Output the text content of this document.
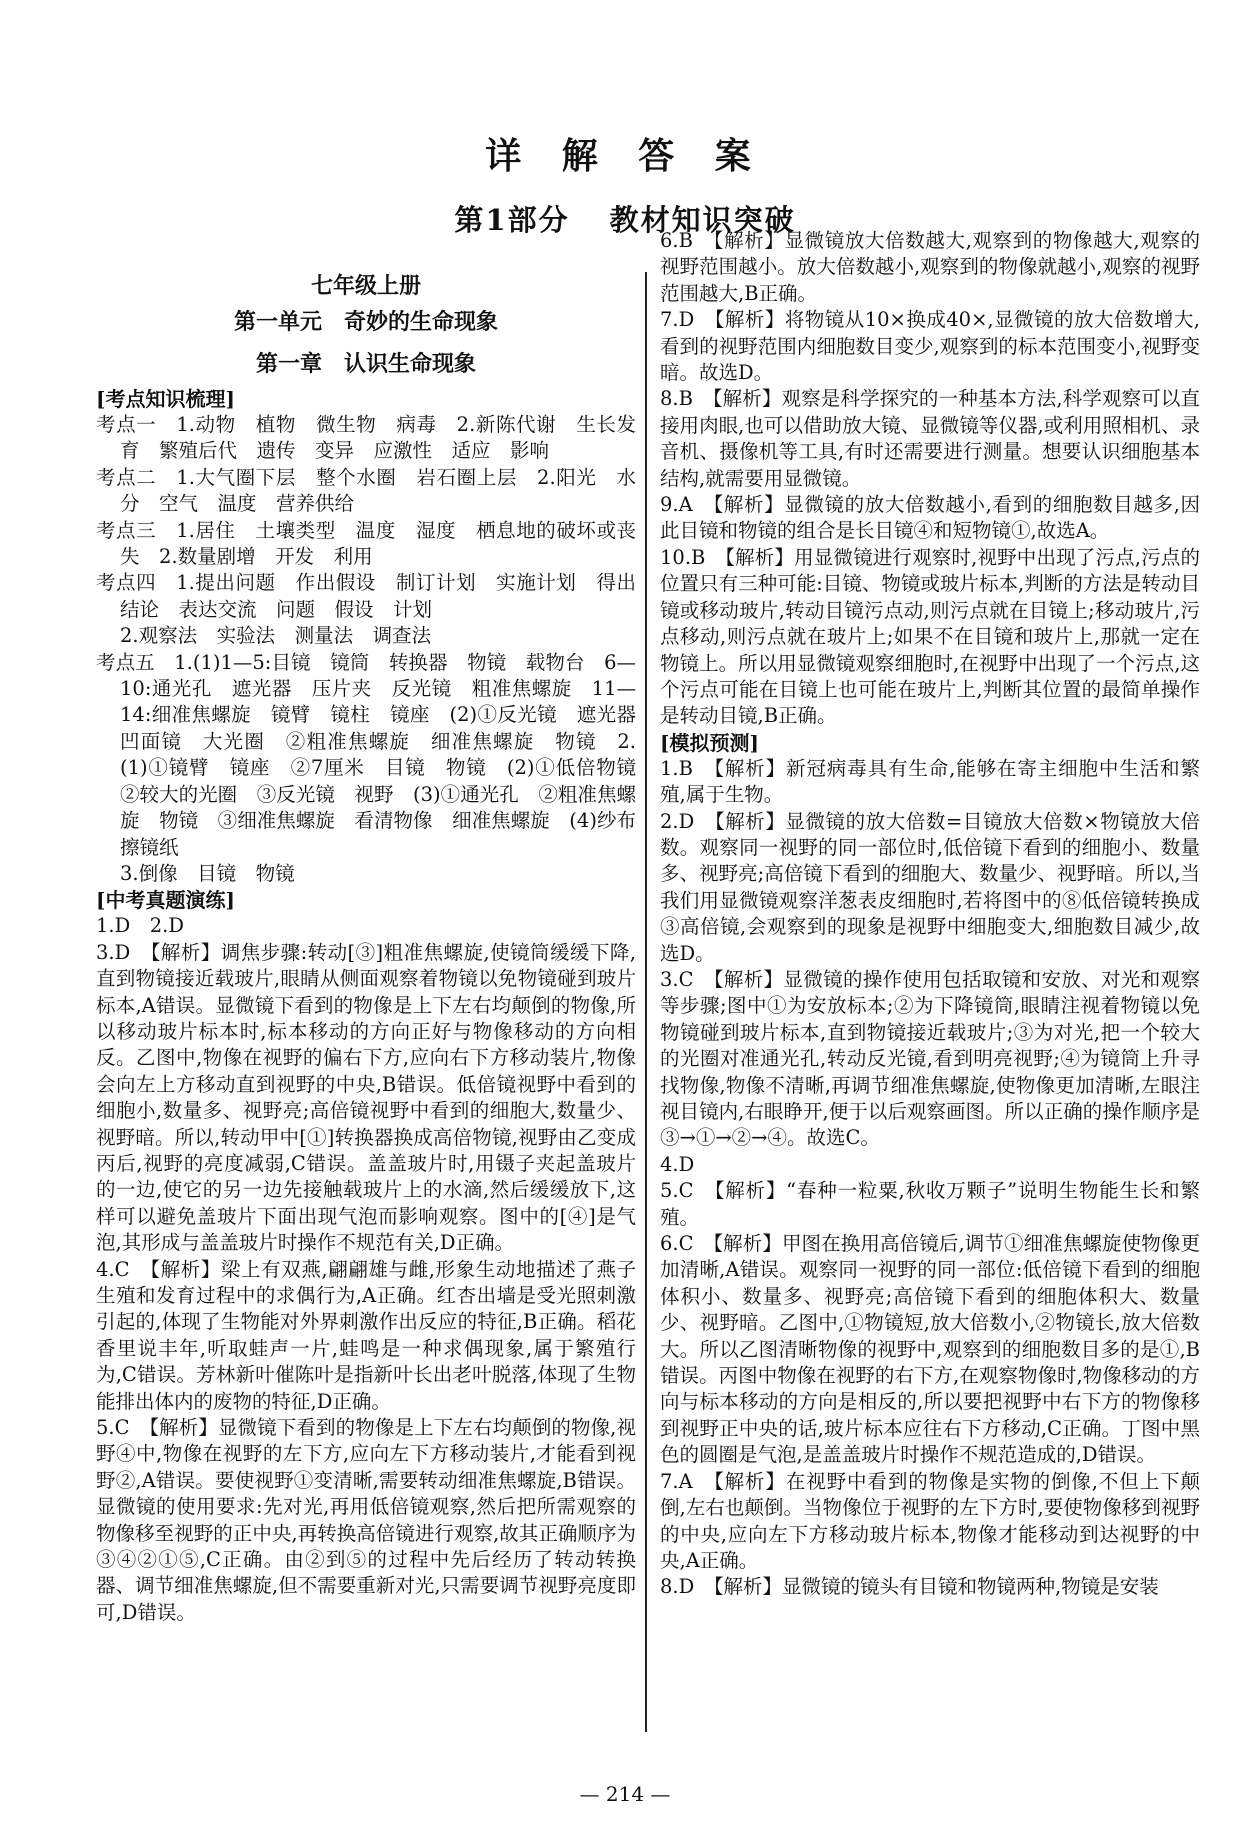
详 解 答 案
第1部分 教材知识突破
七年级上册
第一单元　奇妙的生命现象
第一章　认识生命现象
[考点知识梳理]

考点一　1.动物　植物　微生物　病毒　2.新陈代谢　生长发育　繁殖后代　遗传　变异　应激性　适应　影响

考点二　1.大气圈下层　整个水圈　岩石圈上层　2.阳光　水分　空气　温度　营养供给

考点三　1.居住　土壤类型　温度　湿度　栖息地的破坏或丧失　2.数量剧增　开发　利用

考点四　1.提出问题　作出假设　制订计划　实施计划　得出结论　表达交流　问题　假设　计划

2.观察法　实验法　测量法　调查法

考点五　1.(1)1—5:目镜　镜筒　转换器　物镜　载物台　6—10:通光孔　遮光器　压片夹　反光镜　粗准焦螺旋　11—14:细准焦螺旋　镜臂　镜柱　镜座　(2)①反光镜　遮光器　凹面镜　大光圈　②粗准焦螺旋　细准焦螺旋　物镜　2.(1)①镜臂　镜座　②7厘米　目镜　物镜　(2)①低倍物镜　②较大的光圈　③反光镜　视野　(3)①通光孔　②粗准焦螺旋　物镜　③细准焦螺旋　看清物像　细准焦螺旋　(4)纱布　擦镜纸

3.倒像　目镜　物镜

[中考真题演练]

1.D　2.D

3.D　【解析】调焦步骤:转动[③]粗准焦螺旋,使镜筒缓缓下降,直到物镜接近载玻片,眼睛从侧面观察着物镜以免物镜碰到玻片标本,A错误。显微镜下看到的物像是上下左右均颠倒的物像,所以移动玻片标本时,标本移动的方向正好与物像移动的方向相反。乙图中,物像在视野的偏右下方,应向右下方移动装片,物像会向左上方移动直到视野的中央,B错误。低倍镜视野中看到的细胞小,数量多、视野亮;高倍镜视野中看到的细胞大,数量少、视野暗。所以,转动甲中[①]转换器换成高倍物镜,视野由乙变成丙后,视野的亮度减弱,C错误。盖盖玻片时,用镊子夹起盖玻片的一边,使它的另一边先接触载玻片上的水滴,然后缓缓放下,这样可以避免盖玻片下面出现气泡而影响观察。图中的[④]是气泡,其形成与盖盖玻片时操作不规范有关,D正确。

4.C　【解析】梁上有双燕,翩翩雄与雌,形象生动地描述了燕子生殖和发育过程中的求偶行为,A正确。红杏出墙是受光照刺激引起的,体现了生物能对外界刺激作出反应的特征,B正确。稻花香里说丰年,听取蛙声一片,蛙鸣是一种求偶现象,属于繁殖行为,C错误。芳林新叶催陈叶是指新叶长出老叶脱落,体现了生物能排出体内的废物的特征,D正确。

5.C　【解析】显微镜下看到的物像是上下左右均颠倒的物像,视野④中,物像在视野的左下方,应向左下方移动装片,才能看到视野②,A错误。要使视野①变清晰,需要转动细准焦螺旋,B错误。显微镜的使用要求:先对光,再用低倍镜观察,然后把所需观察的物像移至视野的正中央,再转换高倍镜进行观察,故其正确顺序为③④②①⑤,C正确。由②到⑤的过程中先后经历了转动转换器、调节细准焦螺旋,但不需要重新对光,只需要调节视野亮度即可,D错误。

6.B　【解析】显微镜放大倍数越大,观察到的物像越大,观察的视野范围越小。放大倍数越小,观察到的物像就越小,观察的视野范围越大,B正确。

7.D　【解析】将物镜从10×换成40×,显微镜的放大倍数增大,看到的视野范围内细胞数目变少,观察到的标本范围变小,视野变暗。故选D。

8.B　【解析】观察是科学探究的一种基本方法,科学观察可以直接用肉眼,也可以借助放大镜、显微镜等仪器,或利用照相机、录音机、摄像机等工具,有时还需要进行测量。想要认识细胞基本结构,就需要用显微镜。

9.A　【解析】显微镜的放大倍数越小,看到的细胞数目越多,因此目镜和物镜的组合是长目镜④和短物镜①,故选A。

10.B　【解析】用显微镜进行观察时,视野中出现了污点,污点的位置只有三种可能:目镜、物镜或玻片标本,判断的方法是转动目镜或移动玻片,转动目镜污点动,则污点就在目镜上;移动玻片,污点移动,则污点就在玻片上;如果不在目镜和玻片上,那就一定在物镜上。所以用显微镜观察细胞时,在视野中出现了一个污点,这个污点可能在目镜上也可能在玻片上,判断其位置的最简单操作是转动目镜,B正确。

[模拟预测]

1.B　【解析】新冠病毒具有生命,能够在寄主细胞中生活和繁殖,属于生物。

2.D　【解析】显微镜的放大倍数=目镜放大倍数×物镜放大倍数。观察同一视野的同一部位时,低倍镜下看到的细胞小、数量多、视野亮;高倍镜下看到的细胞大、数量少、视野暗。所以,当我们用显微镜观察洋葱表皮细胞时,若将图中的⑧低倍镜转换成③高倍镜,会观察到的现象是视野中细胞变大,细胞数目减少,故选D。

3.C　【解析】显微镜的操作使用包括取镜和安放、对光和观察等步骤;图中①为安放标本;②为下降镜筒,眼睛注视着物镜以免物镜碰到玻片标本,直到物镜接近载玻片;③为对光,把一个较大的光圈对准通光孔,转动反光镜,看到明亮视野;④为镜筒上升寻找物像,物像不清晰,再调节细准焦螺旋,使物像更加清晰,左眼注视目镜内,右眼睁开,便于以后观察画图。所以正确的操作顺序是③→①→②→④。故选C。

4.D

5.C　【解析】“春种一粒粟,秋收万颗子”说明生物能生长和繁殖。

6.C　【解析】甲图在换用高倍镜后,调节①细准焦螺旋使物像更加清晰,A错误。观察同一视野的同一部位:低倍镜下看到的细胞体积小、数量多、视野亮;高倍镜下看到的细胞体积大、数量少、视野暗。乙图中,①物镜短,放大倍数小,②物镜长,放大倍数大。所以乙图清晰物像的视野中,观察到的细胞数目多的是①,B错误。丙图中物像在视野的右下方,在观察物像时,物像移动的方向与标本移动的方向是相反的,所以要把视野中右下方的物像移到视野正中央的话,玻片标本应往右下方移动,C正确。丁图中黑色的圆圈是气泡,是盖盖玻片时操作不规范造成的,D错误。

7.A　【解析】在视野中看到的物像是实物的倒像,不但上下颠倒,左右也颠倒。当物像位于视野的左下方时,要使物像移到视野的中央,应向左下方移动玻片标本,物像才能移动到达视野的中央,A正确。

8.D　【解析】显微镜的镜头有目镜和物镜两种,物镜是安装

— 214 —
